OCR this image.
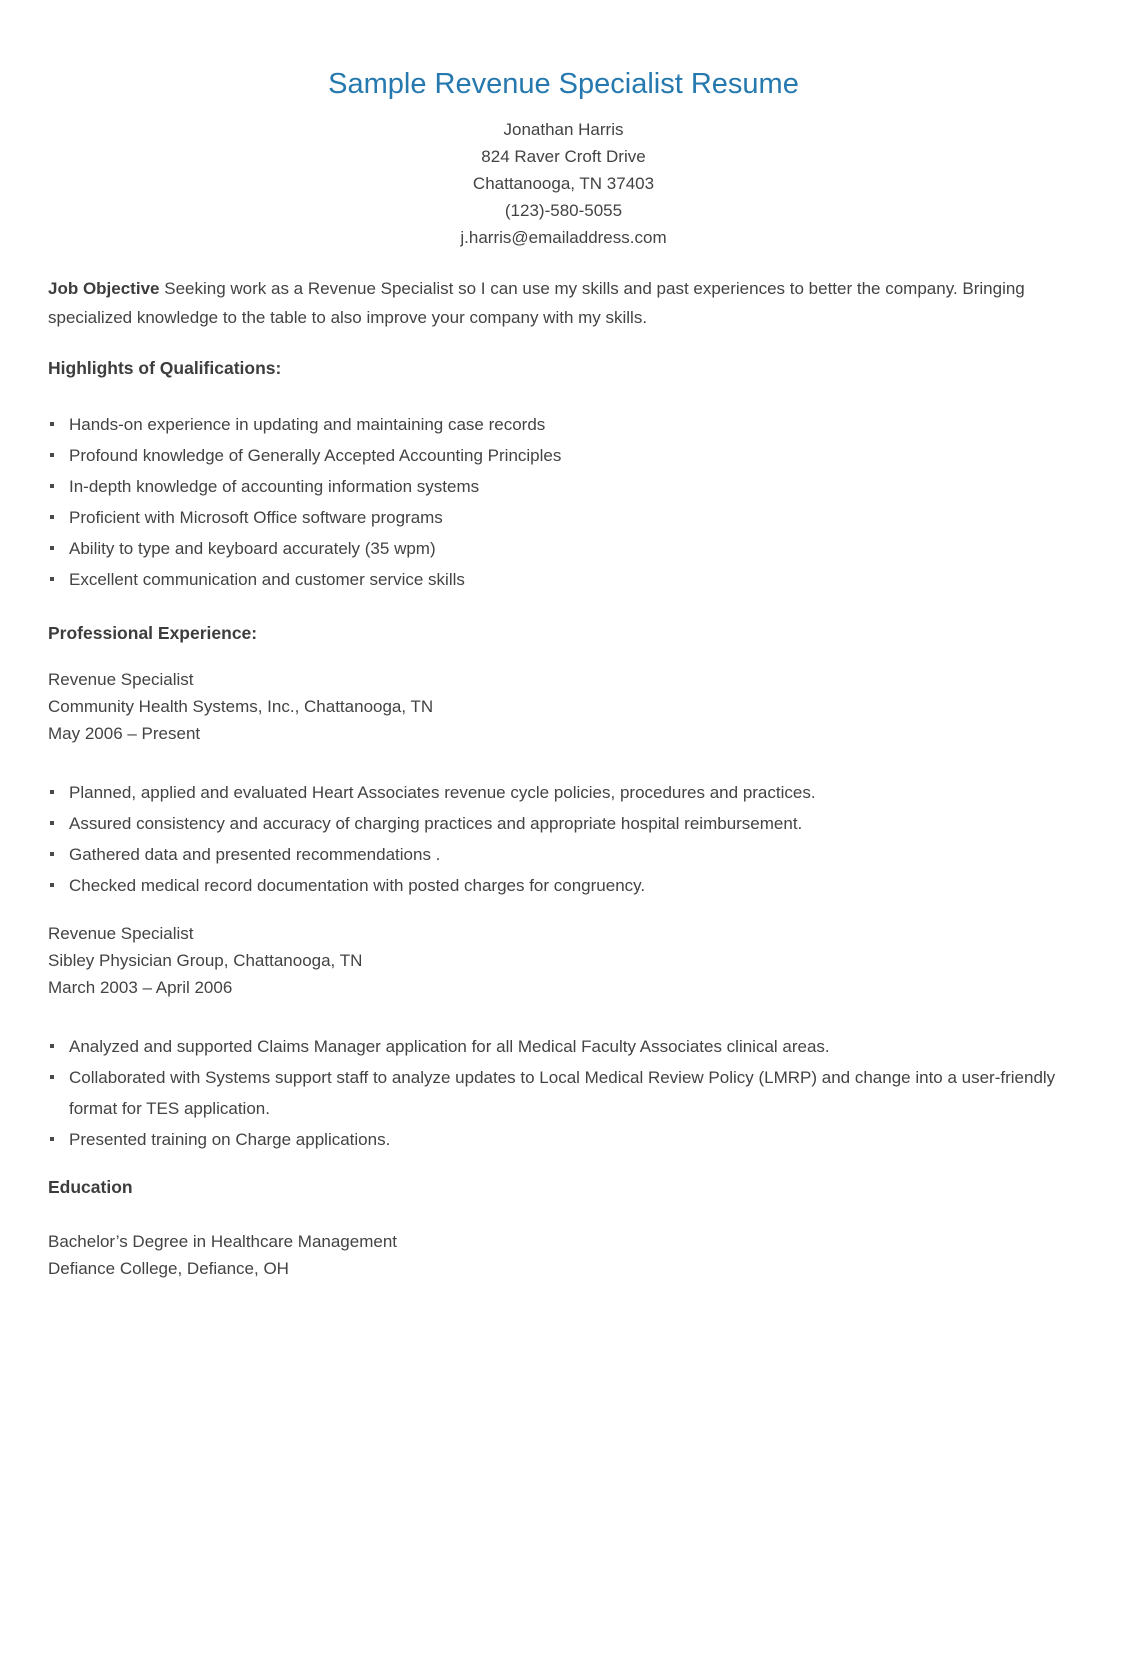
Sample Revenue Specialist Resume

Jonathan Harris

824 Raver Croft Drive

Chattanooga, TN 37403

(123)-580-5055

j.harris@emailaddress.com

Job Objective Seeking work as a Revenue Specialist so I can use my skills and past experiences to better the company. Bringing specialized knowledge to the table to also improve your company with my skills.

Highlights of Qualifications:
Hands-on experience in updating and maintaining case records
Profound knowledge of Generally Accepted Accounting Principles
In-depth knowledge of accounting information systems
Proficient with Microsoft Office software programs
Ability to type and keyboard accurately (35 wpm)
Excellent communication and customer service skills
Professional Experience:

Revenue Specialist

Community Health Systems, Inc., Chattanooga, TN

May 2006 – Present

Planned, applied and evaluated Heart Associates revenue cycle policies, procedures and practices.
Assured consistency and accuracy of charging practices and appropriate hospital reimbursement.
Gathered data and presented recommendations .
Checked medical record documentation with posted charges for congruency.

Revenue Specialist

Sibley Physician Group, Chattanooga, TN

March 2003 – April 2006

Analyzed and supported Claims Manager application for all Medical Faculty Associates clinical areas.
Collaborated with Systems support staff to analyze updates to Local Medical Review Policy (LMRP) and change into a user-friendly format for TES application.
Presented training on Charge applications.
Education

Bachelor’s Degree in Healthcare Management

Defiance College, Defiance, OH
